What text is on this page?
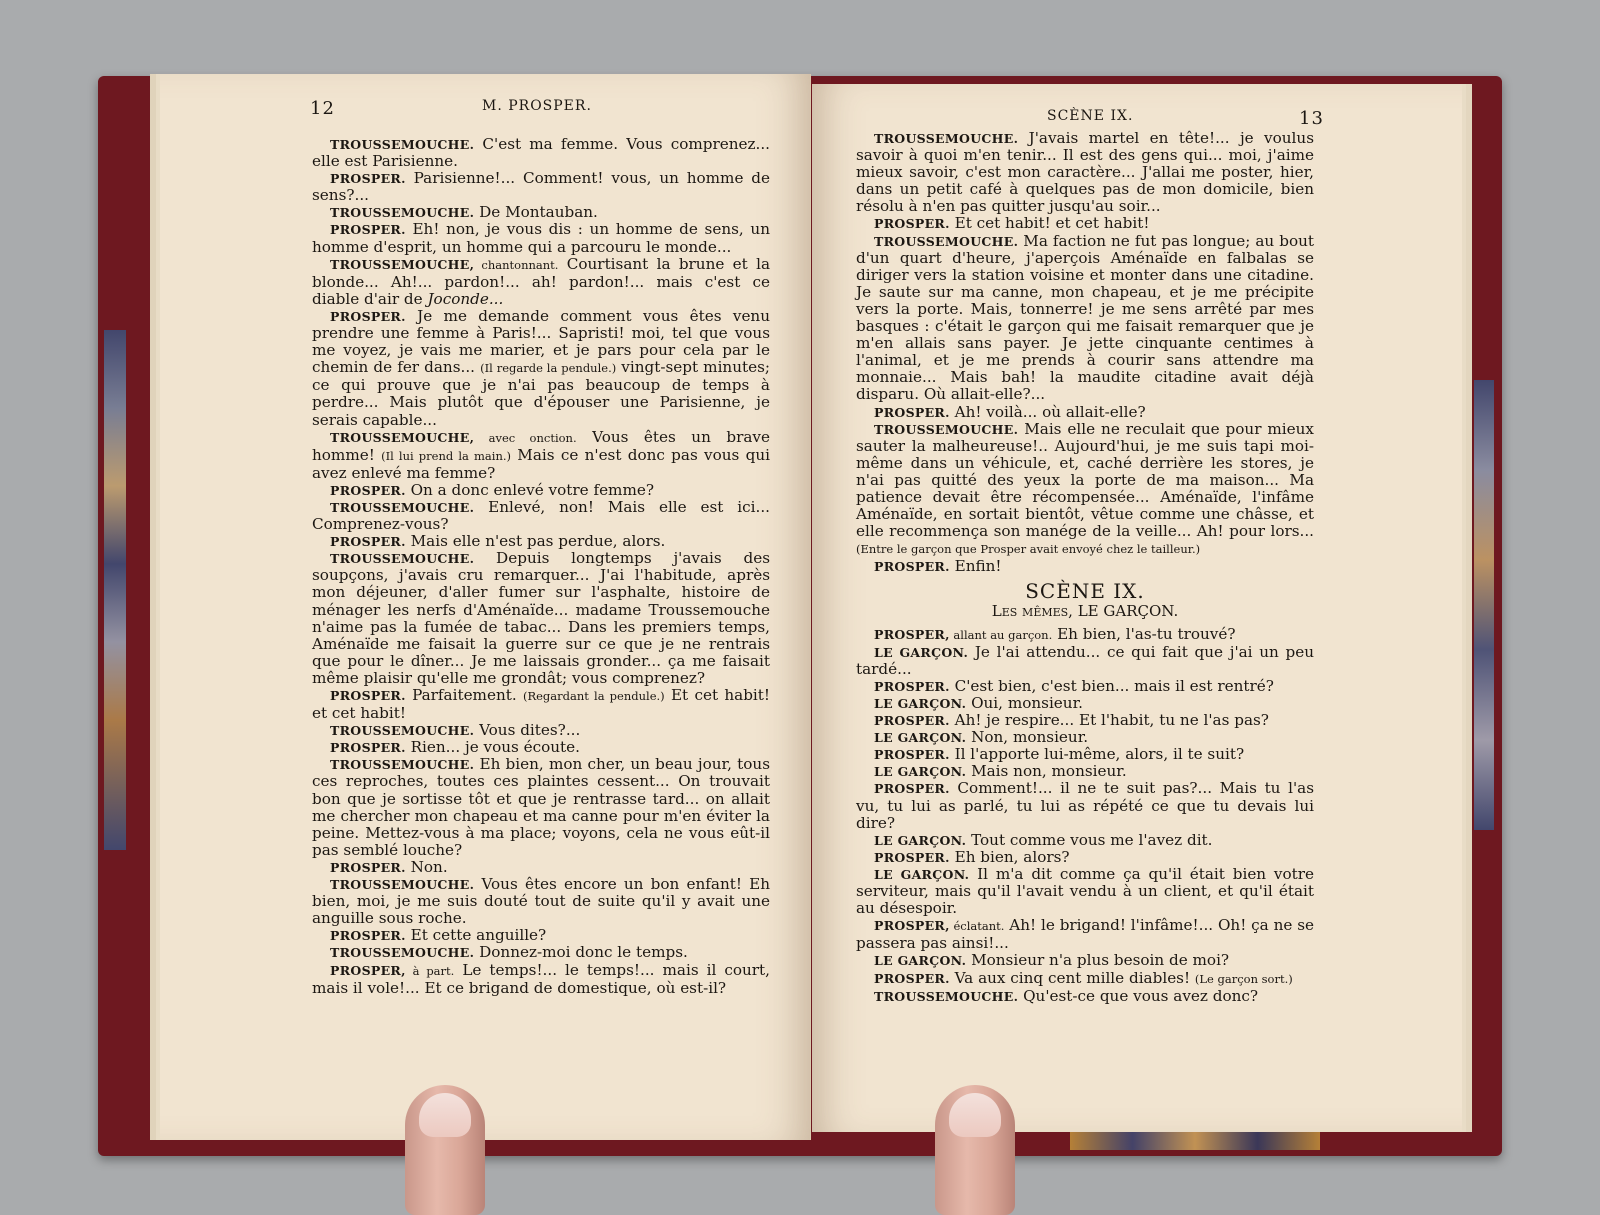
12	M. PROSPER.

TROUSSEMOUCHE. C'est ma femme. Vous comprenez... elle est Parisienne.

PROSPER. Parisienne!... Comment! vous, un homme de sens?...

TROUSSEMOUCHE. De Montauban.

PROSPER. Eh! non, je vous dis : un homme de sens, un homme d'esprit, un homme qui a parcouru le monde...

TROUSSEMOUCHE, chantonnant. Courtisant la brune et la blonde... Ah!... pardon!... ah! pardon!... mais c'est ce diable d'air de Joconde...

PROSPER. Je me demande comment vous êtes venu prendre une femme à Paris!... Sapristi! moi, tel que vous me voyez, je vais me marier, et je pars pour cela par le chemin de fer dans... (Il regarde la pendule.) vingt-sept minutes; ce qui prouve que je n'ai pas beaucoup de temps à perdre... Mais plutôt que d'épouser une Parisienne, je serais capable...

TROUSSEMOUCHE, avec onction. Vous êtes un brave homme! (Il lui prend la main.) Mais ce n'est donc pas vous qui avez enlevé ma femme?

PROSPER. On a donc enlevé votre femme?

TROUSSEMOUCHE. Enlevé, non! Mais elle est ici... Comprenez-vous?

PROSPER. Mais elle n'est pas perdue, alors.

TROUSSEMOUCHE. Depuis longtemps j'avais des soupçons, j'avais cru remarquer... J'ai l'habitude, après mon déjeuner, d'aller fumer sur l'asphalte, histoire de ménager les nerfs d'Aménaïde... madame Troussemouche n'aime pas la fumée de tabac... Dans les premiers temps, Aménaïde me faisait la guerre sur ce que je ne rentrais que pour le dîner... Je me laissais gronder... ça me faisait même plaisir qu'elle me grondât; vous comprenez?

PROSPER. Parfaitement. (Regardant la pendule.) Et cet habit! et cet habit!

TROUSSEMOUCHE. Vous dites?...

PROSPER. Rien... je vous écoute.

TROUSSEMOUCHE. Eh bien, mon cher, un beau jour, tous ces reproches, toutes ces plaintes cessent... On trouvait bon que je sortisse tôt et que je rentrasse tard... on allait me chercher mon chapeau et ma canne pour m'en éviter la peine. Mettez-vous à ma place; voyons, cela ne vous eût-il pas semblé louche?

PROSPER. Non.

TROUSSEMOUCHE. Vous êtes encore un bon enfant! Eh bien, moi, je me suis douté tout de suite qu'il y avait une anguille sous roche.

PROSPER. Et cette anguille?

TROUSSEMOUCHE. Donnez-moi donc le temps.

PROSPER, à part. Le temps!... le temps!... mais il court, mais il vole!... Et ce brigand de domestique, où est-il?

SCÈNE IX.	13

TROUSSEMOUCHE. J'avais martel en tête!... je voulus savoir à quoi m'en tenir... Il est des gens qui... moi, j'aime mieux savoir, c'est mon caractère... J'allai me poster, hier, dans un petit café à quelques pas de mon domicile, bien résolu à n'en pas quitter jusqu'au soir...

PROSPER. Et cet habit! et cet habit!

TROUSSEMOUCHE. Ma faction ne fut pas longue; au bout d'un quart d'heure, j'aperçois Aménaïde en falbalas se diriger vers la station voisine et monter dans une citadine. Je saute sur ma canne, mon chapeau, et je me précipite vers la porte. Mais, tonnerre! je me sens arrêté par mes basques : c'était le garçon qui me faisait remarquer que je m'en allais sans payer. Je jette cinquante centimes à l'animal, et je me prends à courir sans attendre ma monnaie... Mais bah! la maudite citadine avait déjà disparu. Où allait-elle?...

PROSPER. Ah! voilà... où allait-elle?

TROUSSEMOUCHE. Mais elle ne reculait que pour mieux sauter la malheureuse!.. Aujourd'hui, je me suis tapi moi-même dans un véhicule, et, caché derrière les stores, je n'ai pas quitté des yeux la porte de ma maison... Ma patience devait être récompensée... Aménaïde, l'infâme Aménaïde, en sortait bientôt, vêtue comme une châsse, et elle recommença son manége de la veille... Ah! pour lors... (Entre le garçon que Prosper avait envoyé chez le tailleur.)

PROSPER. Enfin!

SCÈNE IX.
Les mêmes, LE GARÇON.

PROSPER, allant au garçon. Eh bien, l'as-tu trouvé?

LE GARÇON. Je l'ai attendu... ce qui fait que j'ai un peu tardé...

PROSPER. C'est bien, c'est bien... mais il est rentré?

LE GARÇON. Oui, monsieur.

PROSPER. Ah! je respire... Et l'habit, tu ne l'as pas?

LE GARÇON. Non, monsieur.

PROSPER. Il l'apporte lui-même, alors, il te suit?

LE GARÇON. Mais non, monsieur.

PROSPER. Comment!... il ne te suit pas?... Mais tu l'as vu, tu lui as parlé, tu lui as répété ce que tu devais lui dire?

LE GARÇON. Tout comme vous me l'avez dit.

PROSPER. Eh bien, alors?

LE GARÇON. Il m'a dit comme ça qu'il était bien votre serviteur, mais qu'il l'avait vendu à un client, et qu'il était au désespoir.

PROSPER, éclatant. Ah! le brigand! l'infâme!... Oh! ça ne se passera pas ainsi!...

LE GARÇON. Monsieur n'a plus besoin de moi?

PROSPER. Va aux cinq cent mille diables! (Le garçon sort.)

TROUSSEMOUCHE. Qu'est-ce que vous avez donc?
